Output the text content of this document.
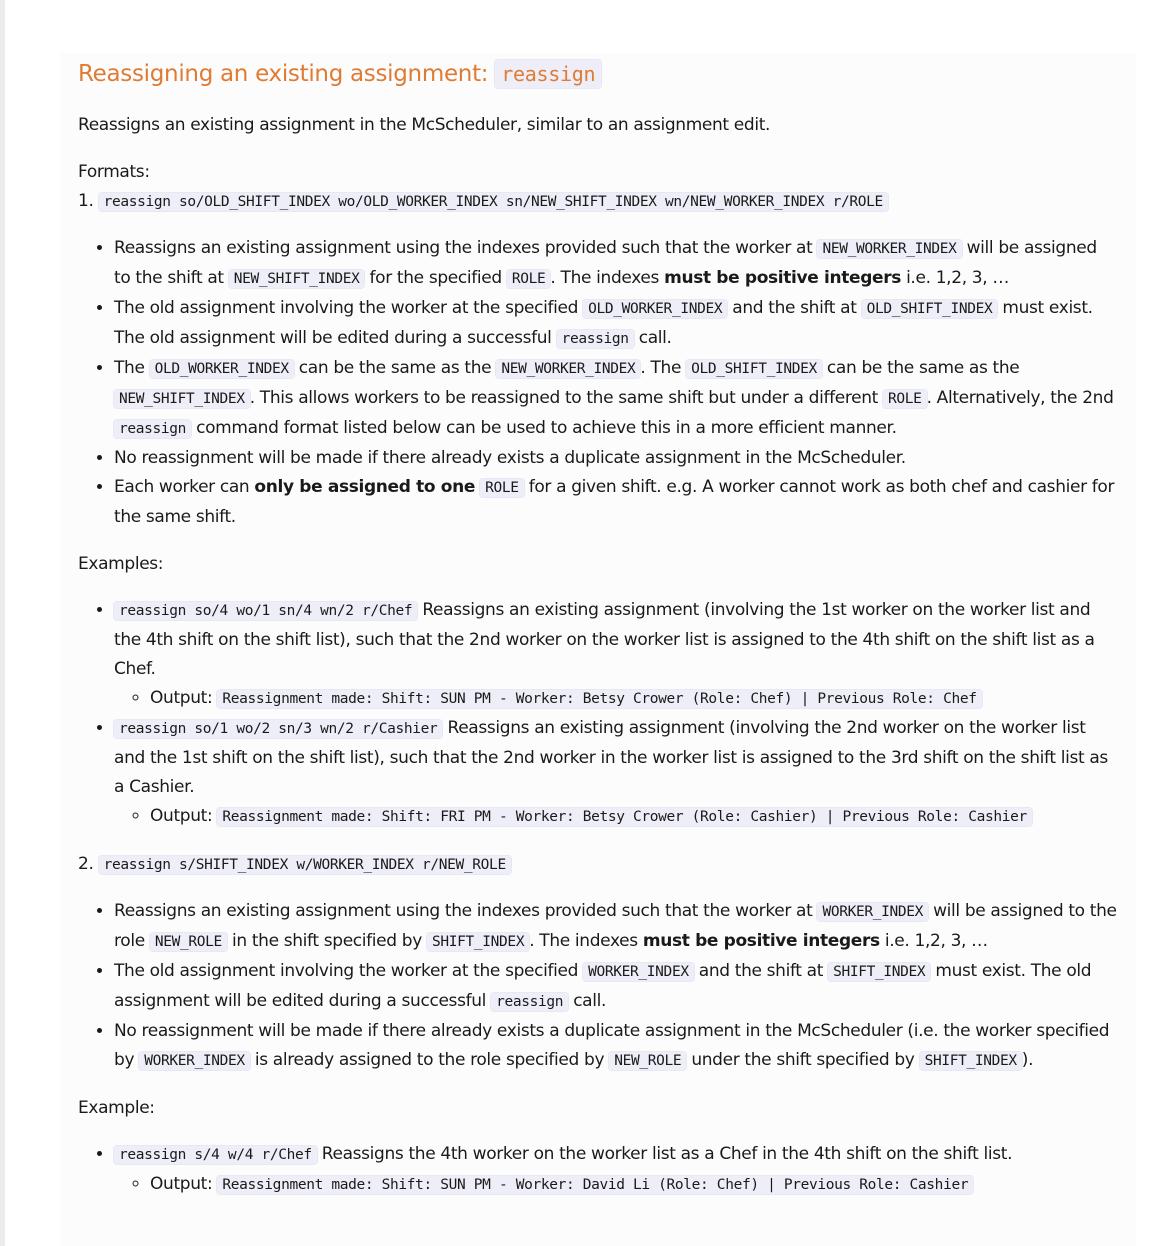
Reassigning an existing assignment: reassign

Reassigns an existing assignment in the McScheduler, similar to an assignment edit.

Formats:

1. reassign so/OLD_SHIFT_INDEX wo/OLD_WORKER_INDEX sn/NEW_SHIFT_INDEX wn/NEW_WORKER_INDEX r/ROLE

• Reassigns an existing assignment using the indexes provided such that the worker at NEW_WORKER_INDEX will be assigned to the shift at NEW_SHIFT_INDEX for the specified ROLE . The indexes must be positive integers i.e. 1,2, 3, …
• The old assignment involving the worker at the specified OLD_WORKER_INDEX and the shift at OLD_SHIFT_INDEX must exist. The old assignment will be edited during a successful reassign call.
• The OLD_WORKER_INDEX can be the same as the NEW_WORKER_INDEX . The OLD_SHIFT_INDEX can be the same as the NEW_SHIFT_INDEX . This allows workers to be reassigned to the same shift but under a different ROLE . Alternatively, the 2nd reassign command format listed below can be used to achieve this in a more efficient manner.
• No reassignment will be made if there already exists a duplicate assignment in the McScheduler.
• Each worker can only be assigned to one ROLE for a given shift. e.g. A worker cannot work as both chef and cashier for the same shift.

Examples:

• reassign so/4 wo/1 sn/4 wn/2 r/Chef Reassigns an existing assignment (involving the 1st worker on the worker list and the 4th shift on the shift list), such that the 2nd worker on the worker list is assigned to the 4th shift on the shift list as a Chef.
◦ Output: Reassignment made: Shift: SUN PM - Worker: Betsy Crower (Role: Chef) | Previous Role: Chef
• reassign so/1 wo/2 sn/3 wn/2 r/Cashier Reassigns an existing assignment (involving the 2nd worker on the worker list and the 1st shift on the shift list), such that the 2nd worker in the worker list is assigned to the 3rd shift on the shift list as a Cashier.
◦ Output: Reassignment made: Shift: FRI PM - Worker: Betsy Crower (Role: Cashier) | Previous Role: Cashier

2. reassign s/SHIFT_INDEX w/WORKER_INDEX r/NEW_ROLE

• Reassigns an existing assignment using the indexes provided such that the worker at WORKER_INDEX will be assigned to the role NEW_ROLE in the shift specified by SHIFT_INDEX . The indexes must be positive integers i.e. 1,2, 3, …
• The old assignment involving the worker at the specified WORKER_INDEX and the shift at SHIFT_INDEX must exist. The old assignment will be edited during a successful reassign call.
• No reassignment will be made if there already exists a duplicate assignment in the McScheduler (i.e. the worker specified by WORKER_INDEX is already assigned to the role specified by NEW_ROLE under the shift specified by SHIFT_INDEX ).

Example:

• reassign s/4 w/4 r/Chef Reassigns the 4th worker on the worker list as a Chef in the 4th shift on the shift list.
◦ Output: Reassignment made: Shift: SUN PM - Worker: David Li (Role: Chef) | Previous Role: Cashier
